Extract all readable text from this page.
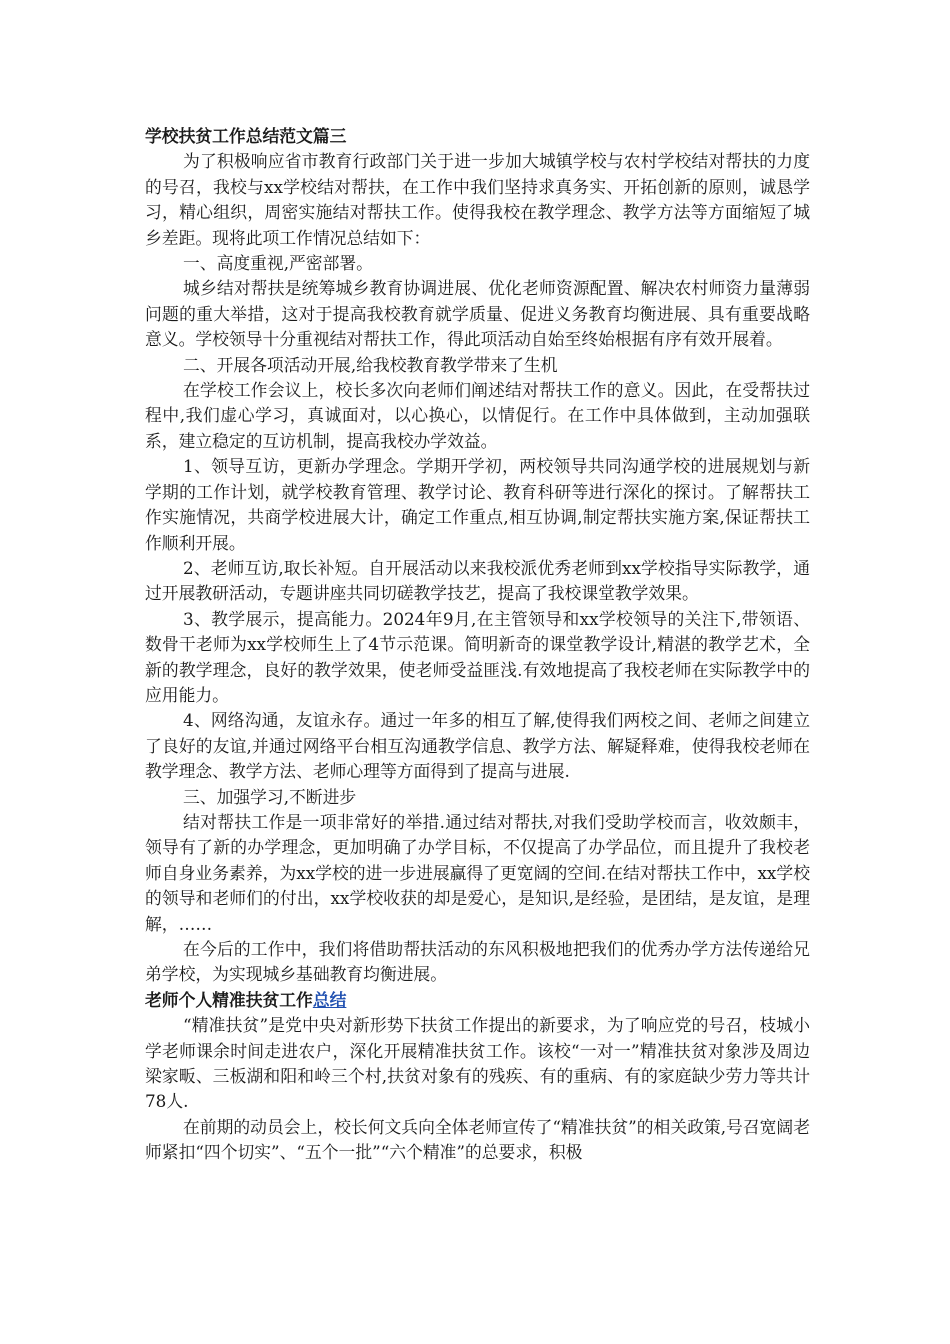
学校扶贫工作总结范文篇三

为了积极响应省市教育行政部门关于进一步加大城镇学校与农村学校结对帮扶的力度的号召，我校与xx学校结对帮扶，在工作中我们坚持求真务实、开拓创新的原则，诚恳学习，精心组织，周密实施结对帮扶工作。使得我校在教学理念、教学方法等方面缩短了城乡差距。现将此项工作情况总结如下：

一、高度重视,严密部署。

城乡结对帮扶是统筹城乡教育协调进展、优化老师资源配置、解决农村师资力量薄弱问题的重大举措，这对于提高我校教育就学质量、促进义务教育均衡进展、具有重要战略意义。学校领导十分重视结对帮扶工作，得此项活动自始至终始根据有序有效开展着。

二、开展各项活动开展,给我校教育教学带来了生机

在学校工作会议上，校长多次向老师们阐述结对帮扶工作的意义。因此，在受帮扶过程中,我们虚心学习，真诚面对，以心换心，以情促行。在工作中具体做到，主动加强联系，建立稳定的互访机制，提高我校办学效益。

1、领导互访，更新办学理念。学期开学初，两校领导共同沟通学校的进展规划与新学期的工作计划，就学校教育管理、教学讨论、教育科研等进行深化的探讨。了解帮扶工作实施情况，共商学校进展大计，确定工作重点,相互协调,制定帮扶实施方案,保证帮扶工作顺利开展。

2、老师互访,取长补短。自开展活动以来我校派优秀老师到xx学校指导实际教学，通过开展教研活动，专题讲座共同切磋教学技艺，提高了我校课堂教学效果。

3、教学展示，提高能力。2024年9月,在主管领导和xx学校领导的关注下,带领语、数骨干老师为xx学校师生上了4节示范课。简明新奇的课堂教学设计,精湛的教学艺术，全新的教学理念，良好的教学效果，使老师受益匪浅.有效地提高了我校老师在实际教学中的应用能力。

4、网络沟通，友谊永存。通过一年多的相互了解,使得我们两校之间、老师之间建立了良好的友谊,并通过网络平台相互沟通教学信息、教学方法、解疑释难，使得我校老师在教学理念、教学方法、老师心理等方面得到了提高与进展.

三、加强学习,不断进步

结对帮扶工作是一项非常好的举措.通过结对帮扶,对我们受助学校而言，收效颇丰，领导有了新的办学理念，更加明确了办学目标，不仅提高了办学品位，而且提升了我校老师自身业务素养，为xx学校的进一步进展赢得了更宽阔的空间.在结对帮扶工作中，xx学校的领导和老师们的付出，xx学校收获的却是爱心，是知识,是经验，是团结，是友谊，是理解，……

在今后的工作中，我们将借助帮扶活动的东风积极地把我们的优秀办学方法传递给兄弟学校，为实现城乡基础教育均衡进展。

老师个人精准扶贫工作总结

“精准扶贫”是党中央对新形势下扶贫工作提出的新要求，为了响应党的号召，枝城小学老师课余时间走进农户，深化开展精准扶贫工作。该校“一对一”精准扶贫对象涉及周边梁家畈、三板湖和阳和岭三个村,扶贫对象有的残疾、有的重病、有的家庭缺少劳力等共计78人.

在前期的动员会上，校长何文兵向全体老师宣传了“精准扶贫”的相关政策,号召宽阔老师紧扣“四个切实”、“五个一批”“六个精准”的总要求，积极
